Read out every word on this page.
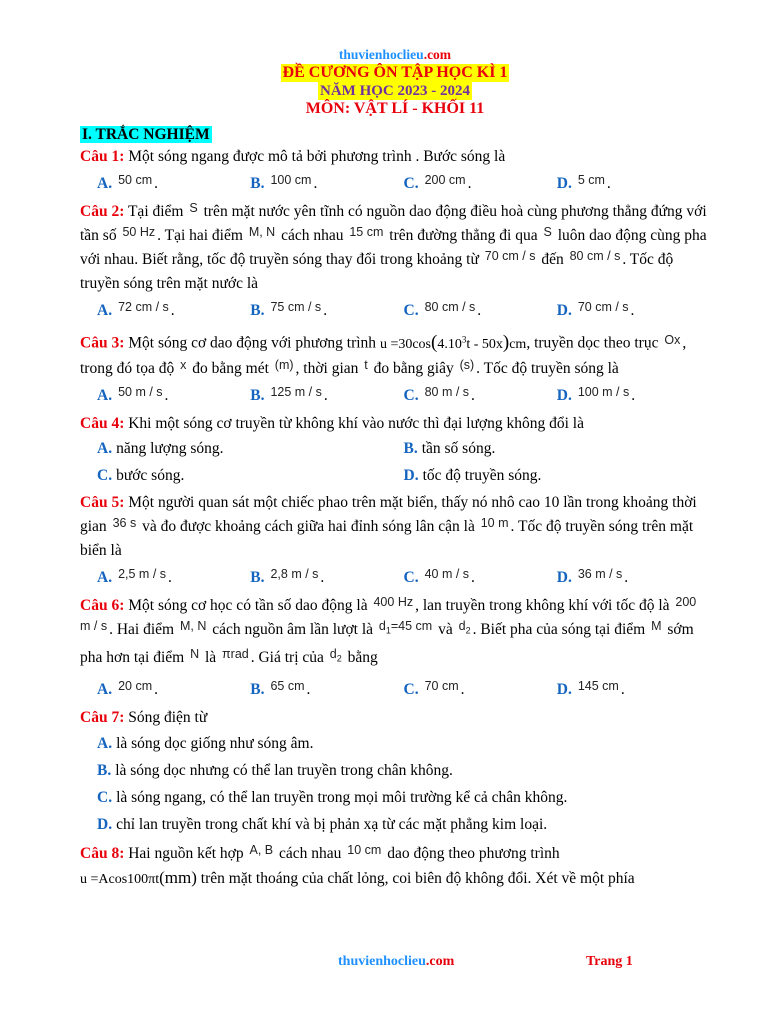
thuvienhoclieu.com
ĐỀ CƯƠNG ÔN TẬP HỌC KÌ 1
NĂM HỌC 2023 - 2024
MÔN: VẬT LÍ - KHỐI 11
I. TRẮC NGHIỆM

Câu 1: Một sóng ngang được mô tả bởi phương trình . Bước sóng là

A. $^{50 cm}$ .	B. $^{100 cm}$ .	C. $^{200 cm}$ .	D. $^{5 cm}$ .

Câu 2: Tại điểm $^S$ trên mặt nước yên tĩnh có nguồn dao động điều hoà cùng phương thẳng đứng với tần số $^{50 Hz}$ . Tại hai điểm $^{M, N}$ cách nhau $^{15 cm}$ trên đường thẳng đi qua $^S$ luôn dao động cùng pha với nhau. Biết rằng, tốc độ truyền sóng thay đổi trong khoảng từ $^{70 cm / s}$ đến $^{80 cm / s}$ . Tốc độ truyền sóng trên mặt nước là

A. $^{72 cm / s}$ .	B. $^{75 cm / s}$ .	C. $^{80 cm / s}$ .	D. $^{70 cm / s}$ .

Câu 3: Một sóng cơ dao động với phương trình $u =30\cos(4.10^3t - 50x)cm$, truyền dọc theo trục $^{Ox}$ , trong đó tọa độ $^x$ đo bằng mét $^{(m)}$ , thời gian $^t$ đo bằng giây $^{(s)}$ . Tốc độ truyền sóng là

A. $^{50 m / s}$ .	B. $^{125 m / s}$ .	C. $^{80 m / s}$ .	D. $^{100 m / s}$ .

Câu 4: Khi một sóng cơ truyền từ không khí vào nước thì đại lượng không đổi là

A. năng lượng sóng.	B. tần số sóng.
C. bước sóng.	D. tốc độ truyền sóng.

Câu 5: Một người quan sát một chiếc phao trên mặt biển, thấy nó nhô cao 10 lần trong khoảng thời gian $^{36 s}$ và đo được khoảng cách giữa hai đỉnh sóng lân cận là $^{10 m}$ . Tốc độ truyền sóng trên mặt biển là

A. $^{2,5 m / s}$ .	B. $^{2,8 m / s}$ .	C. $^{40 m / s}$ .	D. $^{36 m / s}$ .

Câu 6: Một sóng cơ học có tần số dao động là $^{400 Hz}$ , lan truyền trong không khí với tốc độ là $^{200 m / s}$ . Hai điểm $^{M, N}$ cách nguồn âm lần lượt là $^{d_1=45 cm}$ và $^{d_2}$ . Biết pha của sóng tại điểm $^M$ sớm pha hơn tại điểm $^N$ là $^{\pi rad}$ . Giá trị của $^{d_2}$ bằng

A. $^{20 cm}$ .	B. $^{65 cm}$ .	C. $^{70 cm}$ .	D. $^{145 cm}$ .

Câu 7: Sóng điện từ

A. là sóng dọc giống như sóng âm.
B. là sóng dọc nhưng có thể lan truyền trong chân không.
C. là sóng ngang, có thể lan truyền trong mọi môi trường kể cả chân không.
D. chỉ lan truyền trong chất khí và bị phản xạ từ các mặt phẳng kim loại.

Câu 8: Hai nguồn kết hợp $^{A, B}$ cách nhau $^{10 cm}$ dao động theo phương trình
u =Acos100πt(mm) trên mặt thoáng của chất lỏng, coi biên độ không đổi. Xét về một phía

thuvienhoclieu.com	Trang 1
